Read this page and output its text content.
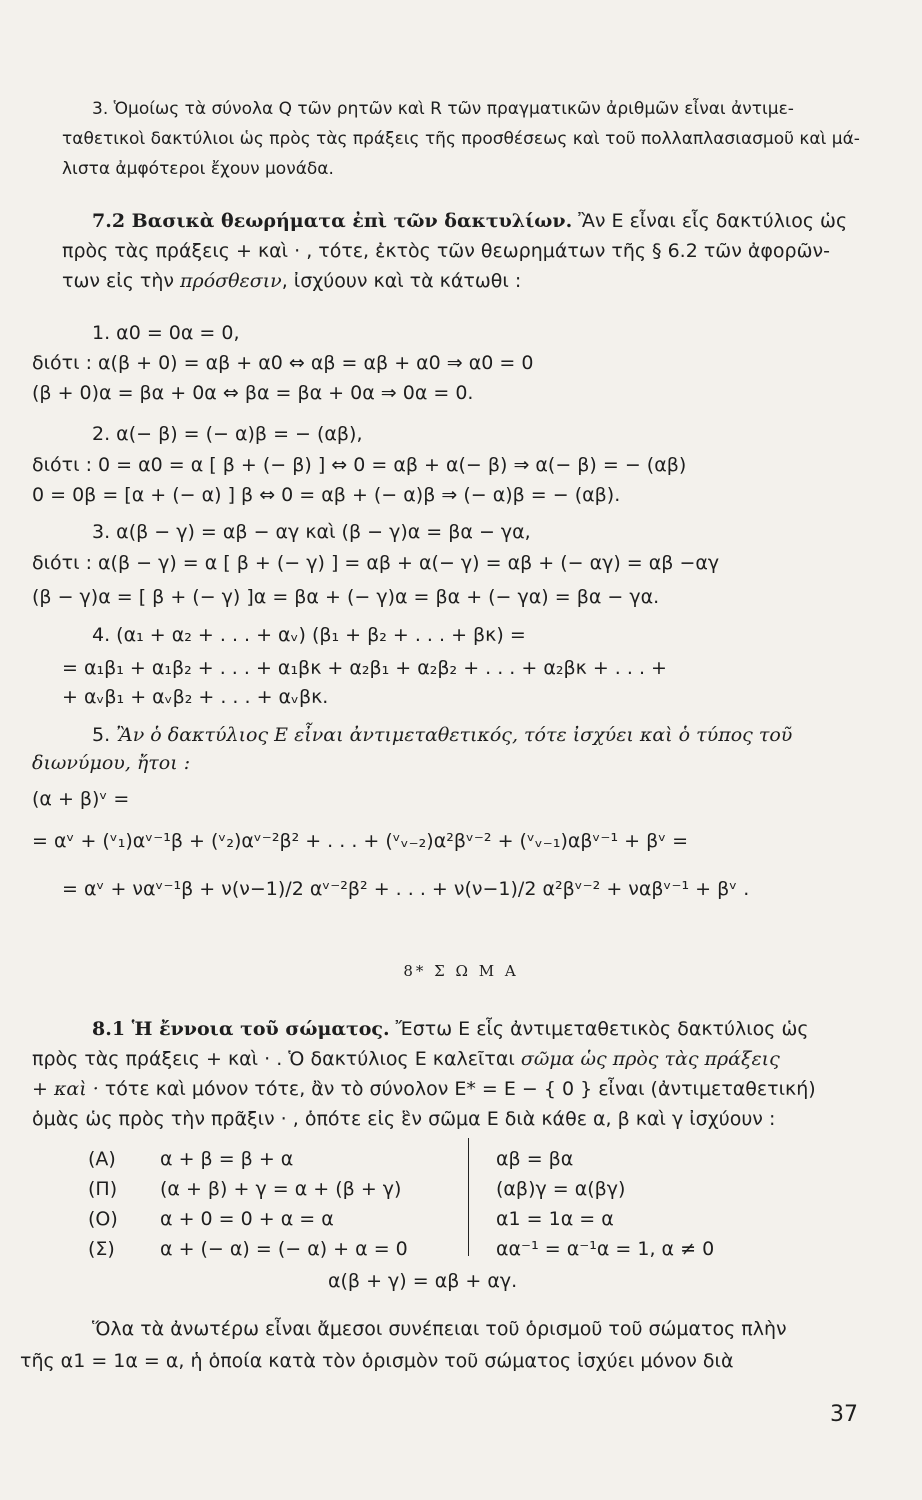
3. Ὁμοίως τὰ σύνολα Q τῶν ρητῶν καὶ R τῶν πραγματικῶν ἀριθμῶν εἶναι ἀντιμε-
ταθετικοὶ δακτύλιοι ὡς πρὸς τὰς πράξεις τῆς προσθέσεως καὶ τοῦ πολλαπλασιασμοῦ καὶ μά-
λιστα ἀμφότεροι ἔχουν μονάδα.
7.2 Βασικὰ θεωρήματα ἐπὶ τῶν δακτυλίων. Ἂν Ε εἶναι εἷς δακτύλιος ὡς
πρὸς τὰς πράξεις + καὶ · , τότε, ἐκτὸς τῶν θεωρημάτων τῆς § 6.2 τῶν ἀφορῶν-
των εἰς τὴν πρόσθεσιν, ἰσχύουν καὶ τὰ κάτωθι :
1. α0 = 0α = 0,
διότι : α(β + 0) = αβ + α0 ⇔ αβ = αβ + α0 ⇒ α0 = 0
(β + 0)α = βα + 0α ⇔ βα = βα + 0α ⇒ 0α = 0.
2. α(− β) = (− α)β = − (αβ),
διότι : 0 = α0 = α [ β + (− β) ] ⇔ 0 = αβ + α(− β) ⇒ α(− β) = − (αβ)
0 = 0β = [α + (− α) ] β ⇔ 0 = αβ + (− α)β ⇒ (− α)β = − (αβ).
3. α(β − γ) = αβ − αγ καὶ (β − γ)α = βα − γα,
διότι : α(β − γ) = α [ β + (− γ) ] = αβ + α(− γ) = αβ + (− αγ) = αβ −αγ
(β − γ)α = [ β + (− γ) ]α = βα + (− γ)α = βα + (− γα) = βα − γα.
4. (α₁ + α₂ + . . . + αᵥ) (β₁ + β₂ + . . . + βκ) =
= α₁β₁ + α₁β₂ + . . . + α₁βκ + α₂β₁ + α₂β₂ + . . . + α₂βκ + . . . +
+ αᵥβ₁ + αᵥβ₂ + . . . + αᵥβκ.
5. Ἂν ὁ δακτύλιος Ε εἶναι ἀντιμεταθετικός, τότε ἰσχύει καὶ ὁ τύπος τοῦ
διωνύμου, ἤτοι :
(α + β)ᵛ =
= αᵛ + (ᵛ₁)αᵛ⁻¹β + (ᵛ₂)αᵛ⁻²β² + . . . + (ᵛᵥ₋₂)α²βᵛ⁻² + (ᵛᵥ₋₁)αβᵛ⁻¹ + βᵛ =
= αᵛ + ναᵛ⁻¹β + ν(ν−1)/2 αᵛ⁻²β² + . . . + ν(ν−1)/2 α²βᵛ⁻² + ναβᵛ⁻¹ + βᵛ .
8* Σ Ω Μ Α
8.1 Ἡ ἔννοια τοῦ σώματος. Ἔστω Ε εἷς ἀντιμεταθετικὸς δακτύλιος ὡς
πρὸς τὰς πράξεις + καὶ · . Ὁ δακτύλιος Ε καλεῖται σῶμα ὡς πρὸς τὰς πράξεις
+ καὶ · τότε καὶ μόνον τότε, ἂν τὸ σύνολον Ε* = Ε − { 0 } εἶναι (ἀντιμεταθετική)
ὁμὰς ὡς πρὸς τὴν πρᾶξιν · , ὁπότε εἰς ἓν σῶμα Ε διὰ κάθε α, β καὶ γ ἰσχύουν :
(Α)
(Π)
(Ο)
(Σ)
α + β = β + α
(α + β) + γ = α + (β + γ)
α + 0 = 0 + α = α
α + (− α) = (− α) + α = 0
αβ = βα
(αβ)γ = α(βγ)
α1 = 1α = α
αα⁻¹ = α⁻¹α = 1, α ≠ 0
α(β + γ) = αβ + αγ.
Ὅλα τὰ ἀνωτέρω εἶναι ἄμεσοι συνέπειαι τοῦ ὁρισμοῦ τοῦ σώματος πλὴν
τῆς α1 = 1α = α, ἡ ὁποία κατὰ τὸν ὁρισμὸν τοῦ σώματος ἰσχύει μόνον διὰ
37
